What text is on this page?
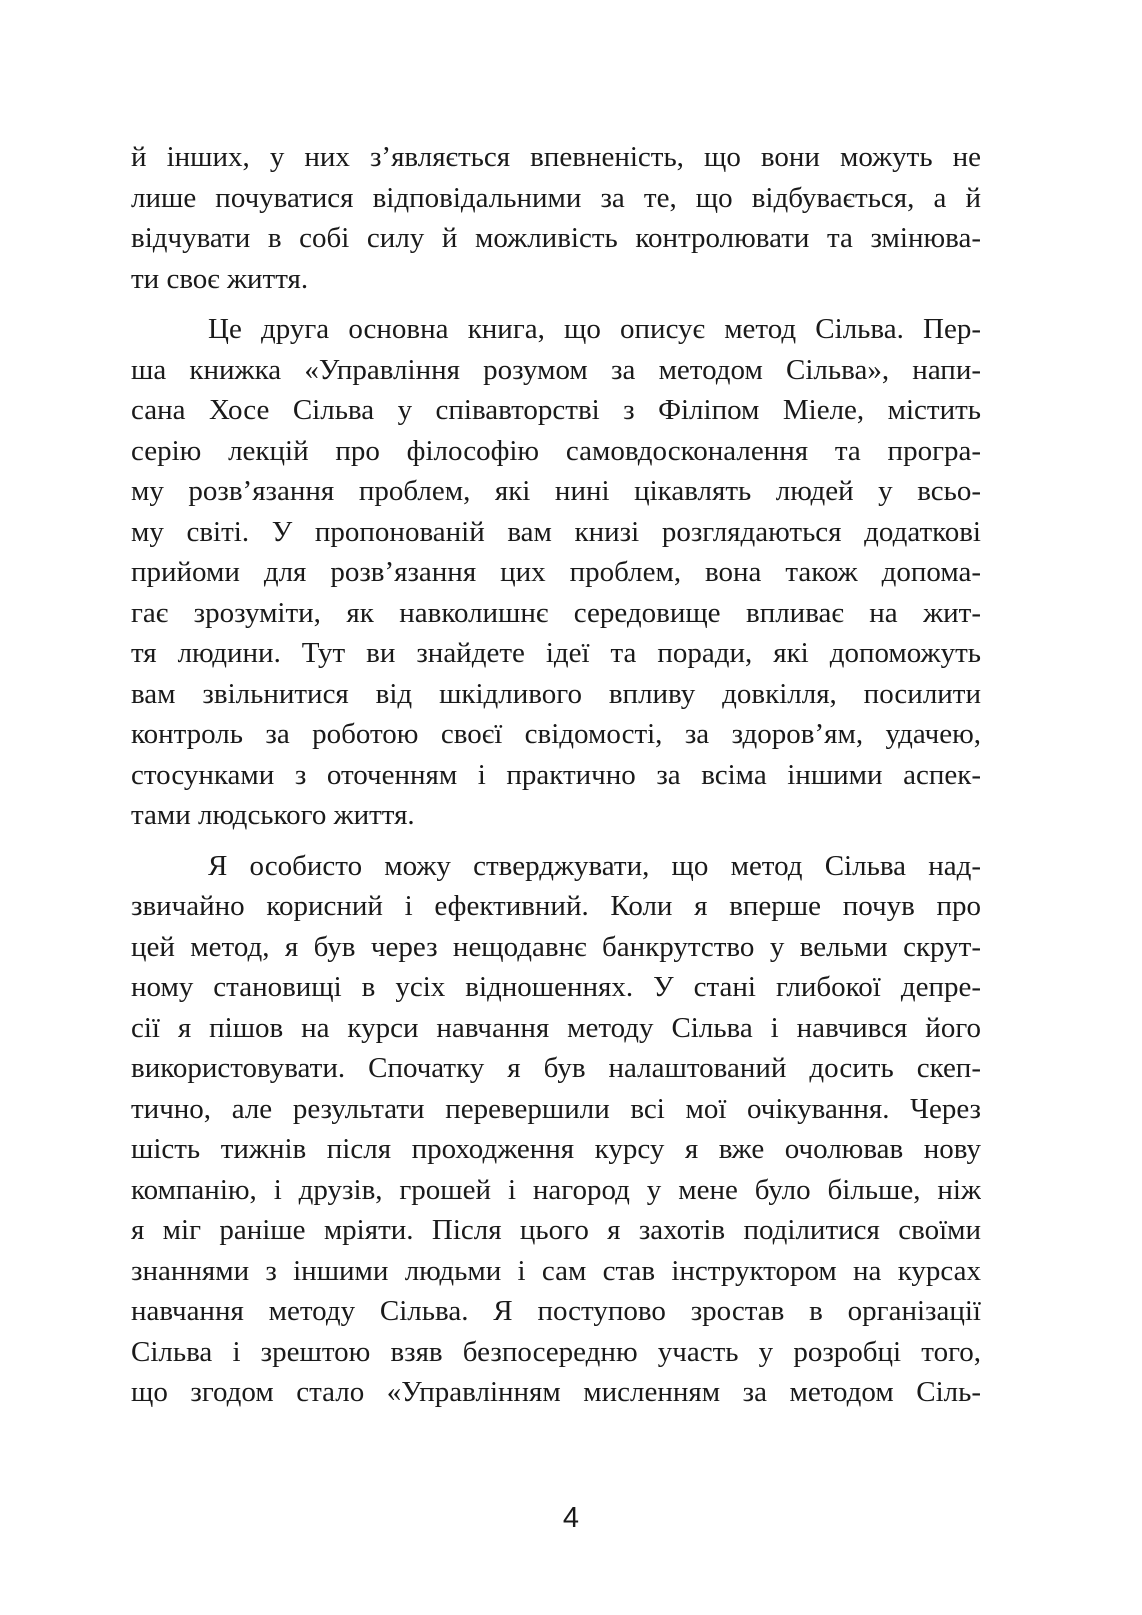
й інших, у них з’являється впевненість, що вони можуть не
лише почуватися відповідальними за те, що відбувається, а й
відчувати в собі силу й можливість контролювати та змінюва-
ти своє життя.
Це друга основна книга, що описує метод Сільва. Пер-
ша книжка «Управління розумом за методом Сільва», напи-
сана Хосе Сільва у співавторстві з Філіпом Міеле, містить
серію лекцій про філософію самовдосконалення та програ-
му розв’язання проблем, які нині цікавлять людей у всьо-
му світі. У пропонованій вам книзі розглядаються додаткові
прийоми для розв’язання цих проблем, вона також допома-
гає зрозуміти, як навколишнє середовище впливає на жит-
тя людини. Тут ви знайдете ідеї та поради, які допоможуть
вам звільнитися від шкідливого впливу довкілля, посилити
контроль за роботою своєї свідомості, за здоров’ям, удачею,
стосунками з оточенням і практично за всіма іншими аспек-
тами людського життя.
Я особисто можу стверджувати, що метод Сільва над-
звичайно корисний і ефективний. Коли я вперше почув про
цей метод, я був через нещодавнє банкрутство у вельми скрут-
ному становищі в усіх відношеннях. У стані глибокої депре-
сії я пішов на курси навчання методу Сільва і навчився його
використовувати. Спочатку я був налаштований досить скеп-
тично, але результати перевершили всі мої очікування. Через
шість тижнів після проходження курсу я вже очолював нову
компанію, і друзів, грошей і нагород у мене було більше, ніж
я міг раніше мріяти. Після цього я захотів поділитися своїми
знаннями з іншими людьми і сам став інструктором на курсах
навчання методу Сільва. Я поступово зростав в організації
Сільва і зрештою взяв безпосередню участь у розробці того,
що згодом стало «Управлінням мисленням за методом Сіль-
4
